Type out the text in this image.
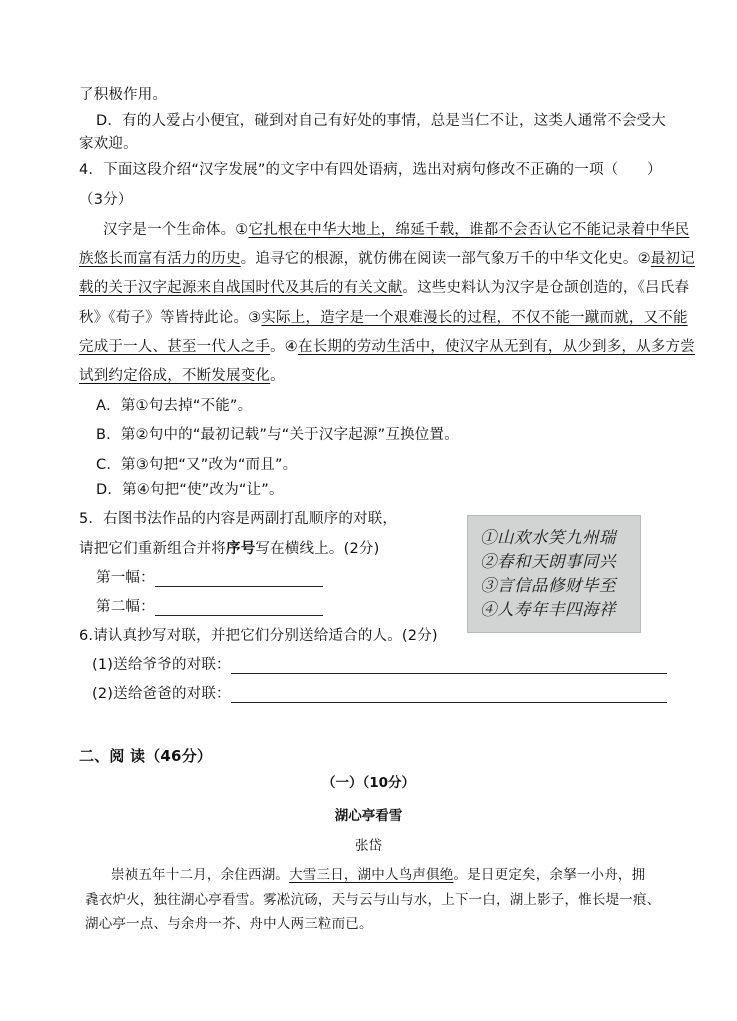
了积极作用。
D．有的人爱占小便宜，碰到对自己有好处的事情，总是当仁不让，这类人通常不会受大
家欢迎。
4．下面这段介绍“汉字发展”的文字中有四处语病，选出对病句修改不正确的一项（ ）
（3分）
汉字是一个生命体。①它扎根在中华大地上，绵延千载，谁都不会否认它不能记录着中华民
族悠长而富有活力的历史。追寻它的根源，就仿佛在阅读一部气象万千的中华文化史。②最初记
载的关于汉字起源来自战国时代及其后的有关文献。这些史料认为汉字是仓颉创造的，《吕氏春
秋》《荀子》等皆持此论。③实际上，造字是一个艰难漫长的过程，不仅不能一蹴而就，又不能
完成于一人、甚至一代人之手。④在长期的劳动生活中，使汉字从无到有，从少到多，从多方尝
试到约定俗成，不断发展变化。
A．第①句去掉“不能”。
B．第②句中的“最初记载”与“关于汉字起源”互换位置。
C．第③句把“又”改为“而且”。
D．第④句把“使”改为“让”。
5．右图书法作品的内容是两副打乱顺序的对联，
请把它们重新组合并将序号写在横线上。(2分)
第一幅：
第二幅：
①山欢水笑九州瑞
②春和天朗事同兴
③言信品修财毕至
④人寿年丰四海祥
6.请认真抄写对联，并把它们分别送给适合的人。(2分)
(1)送给爷爷的对联：
(2)送给爸爸的对联：
二、阅 读（46分）
（一）（10分）
湖心亭看雪
张岱
崇祯五年十二月，余住西湖。大雪三日，湖中人鸟声俱绝。是日更定矣，余拏一小舟，拥
毳衣炉火，独往湖心亭看雪。雾凇沆砀，天与云与山与水，上下一白，湖上影子，惟长堤一痕、
湖心亭一点、与余舟一芥、舟中人两三粒而已。
